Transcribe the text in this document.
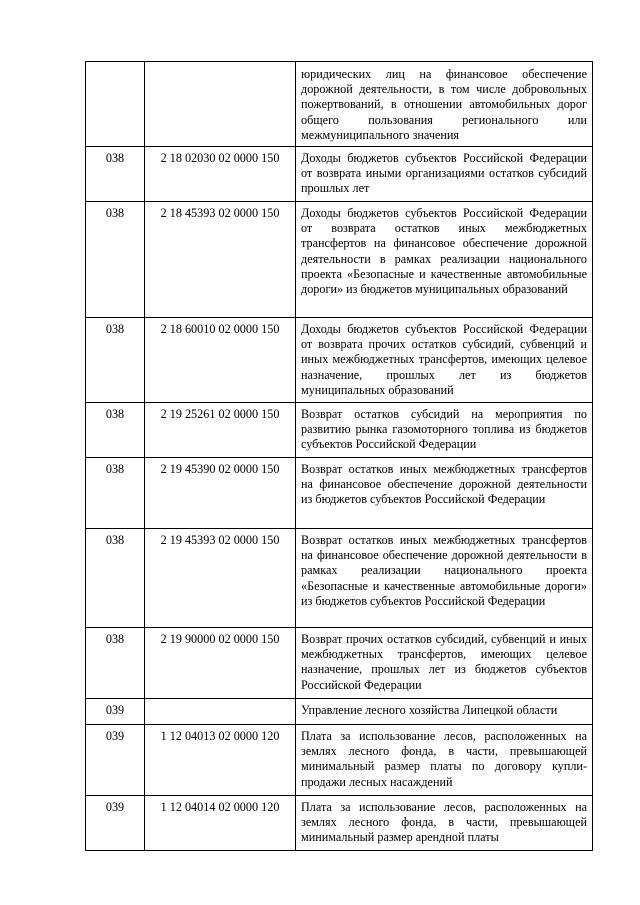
		юридических лиц на финансовое обеспечение дорожной деятельности, в том числе добровольных пожертвований, в отношении автомобильных дорог общего пользования регионального или межмуниципального значения
038	2 18 02030 02 0000 150	Доходы бюджетов субъектов Российской Федерации от возврата иными организациями остатков субсидий прошлых лет
038	2 18 45393 02 0000 150	Доходы бюджетов субъектов Российской Федерации от возврата остатков иных межбюджетных трансфертов на финансовое обеспечение дорожной деятельности в рамках реализации национального проекта «Безопасные и качественные автомобильные дороги» из бюджетов муниципальных образований
038	2 18 60010 02 0000 150	Доходы бюджетов субъектов Российской Федерации от возврата прочих остатков субсидий, субвенций и иных межбюджетных трансфертов, имеющих целевое назначение, прошлых лет из бюджетов муниципальных образований
038	2 19 25261 02 0000 150	Возврат остатков субсидий на мероприятия по развитию рынка газомоторного топлива из бюджетов субъектов Российской Федерации
038	2 19 45390 02 0000 150	Возврат остатков иных межбюджетных трансфертов на финансовое обеспечение дорожной деятельности из бюджетов субъектов Российской Федерации
038	2 19 45393 02 0000 150	Возврат остатков иных межбюджетных трансфертов на финансовое обеспечение дорожной деятельности в рамках реализации национального проекта «Безопасные и качественные автомобильные дороги» из бюджетов субъектов Российской Федерации
038	2 19 90000 02 0000 150	Возврат прочих остатков субсидий, субвенций и иных межбюджетных трансфертов, имеющих целевое назначение, прошлых лет из бюджетов субъектов Российской Федерации
039		Управление лесного хозяйства Липецкой области
039	1 12 04013 02 0000 120	Плата за использование лесов, расположенных на землях лесного фонда, в части, превышающей минимальный размер платы по договору купли-продажи лесных насаждений
039	1 12 04014 02 0000 120	Плата за использование лесов, расположенных на землях лесного фонда, в части, превышающей минимальный размер арендной платы
